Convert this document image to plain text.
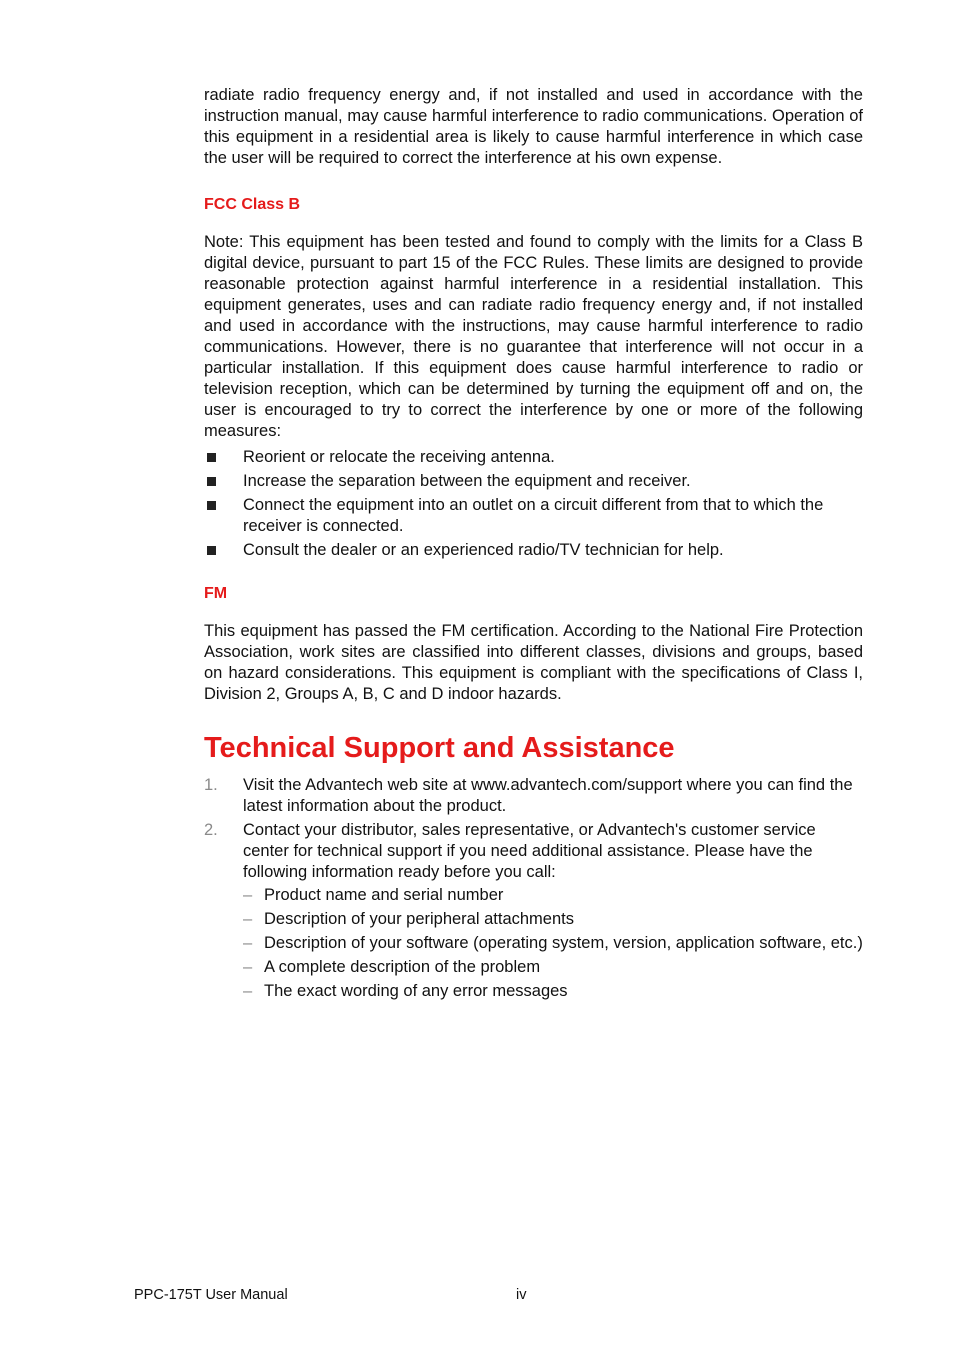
radiate radio frequency energy and, if not installed and used in accordance with the instruction manual, may cause harmful interference to radio communications. Operation of this equipment in a residential area is likely to cause harmful interference in which case the user will be required to correct the interference at his own expense.

FCC Class B

Note: This equipment has been tested and found to comply with the limits for a Class B digital device, pursuant to part 15 of the FCC Rules. These limits are designed to provide reasonable protection against harmful interference in a residential installation. This equipment generates, uses and can radiate radio frequency energy and, if not installed and used in accordance with the instructions, may cause harmful interference to radio communications. However, there is no guarantee that interference will not occur in a particular installation. If this equipment does cause harmful interference to radio or television reception, which can be determined by turning the equipment off and on, the user is encouraged to try to correct the interference by one or more of the following measures:

Reorient or relocate the receiving antenna.
Increase the separation between the equipment and receiver.
Connect the equipment into an outlet on a circuit different from that to which the receiver is connected.
Consult the dealer or an experienced radio/TV technician for help.
FM

This equipment has passed the FM certification. According to the National Fire Protection Association, work sites are classified into different classes, divisions and groups, based on hazard considerations. This equipment is compliant with the specifications of Class I, Division 2, Groups A, B, C and D indoor hazards.

Technical Support and Assistance
1. Visit the Advantech web site at www.advantech.com/support where you can find the latest information about the product.
2. Contact your distributor, sales representative, or Advantech's customer service center for technical support if you need additional assistance. Please have the following information ready before you call:
– Product name and serial number
– Description of your peripheral attachments
– Description of your software (operating system, version, application software, etc.)
– A complete description of the problem
– The exact wording of any error messages
PPC-175T User Manual	iv
